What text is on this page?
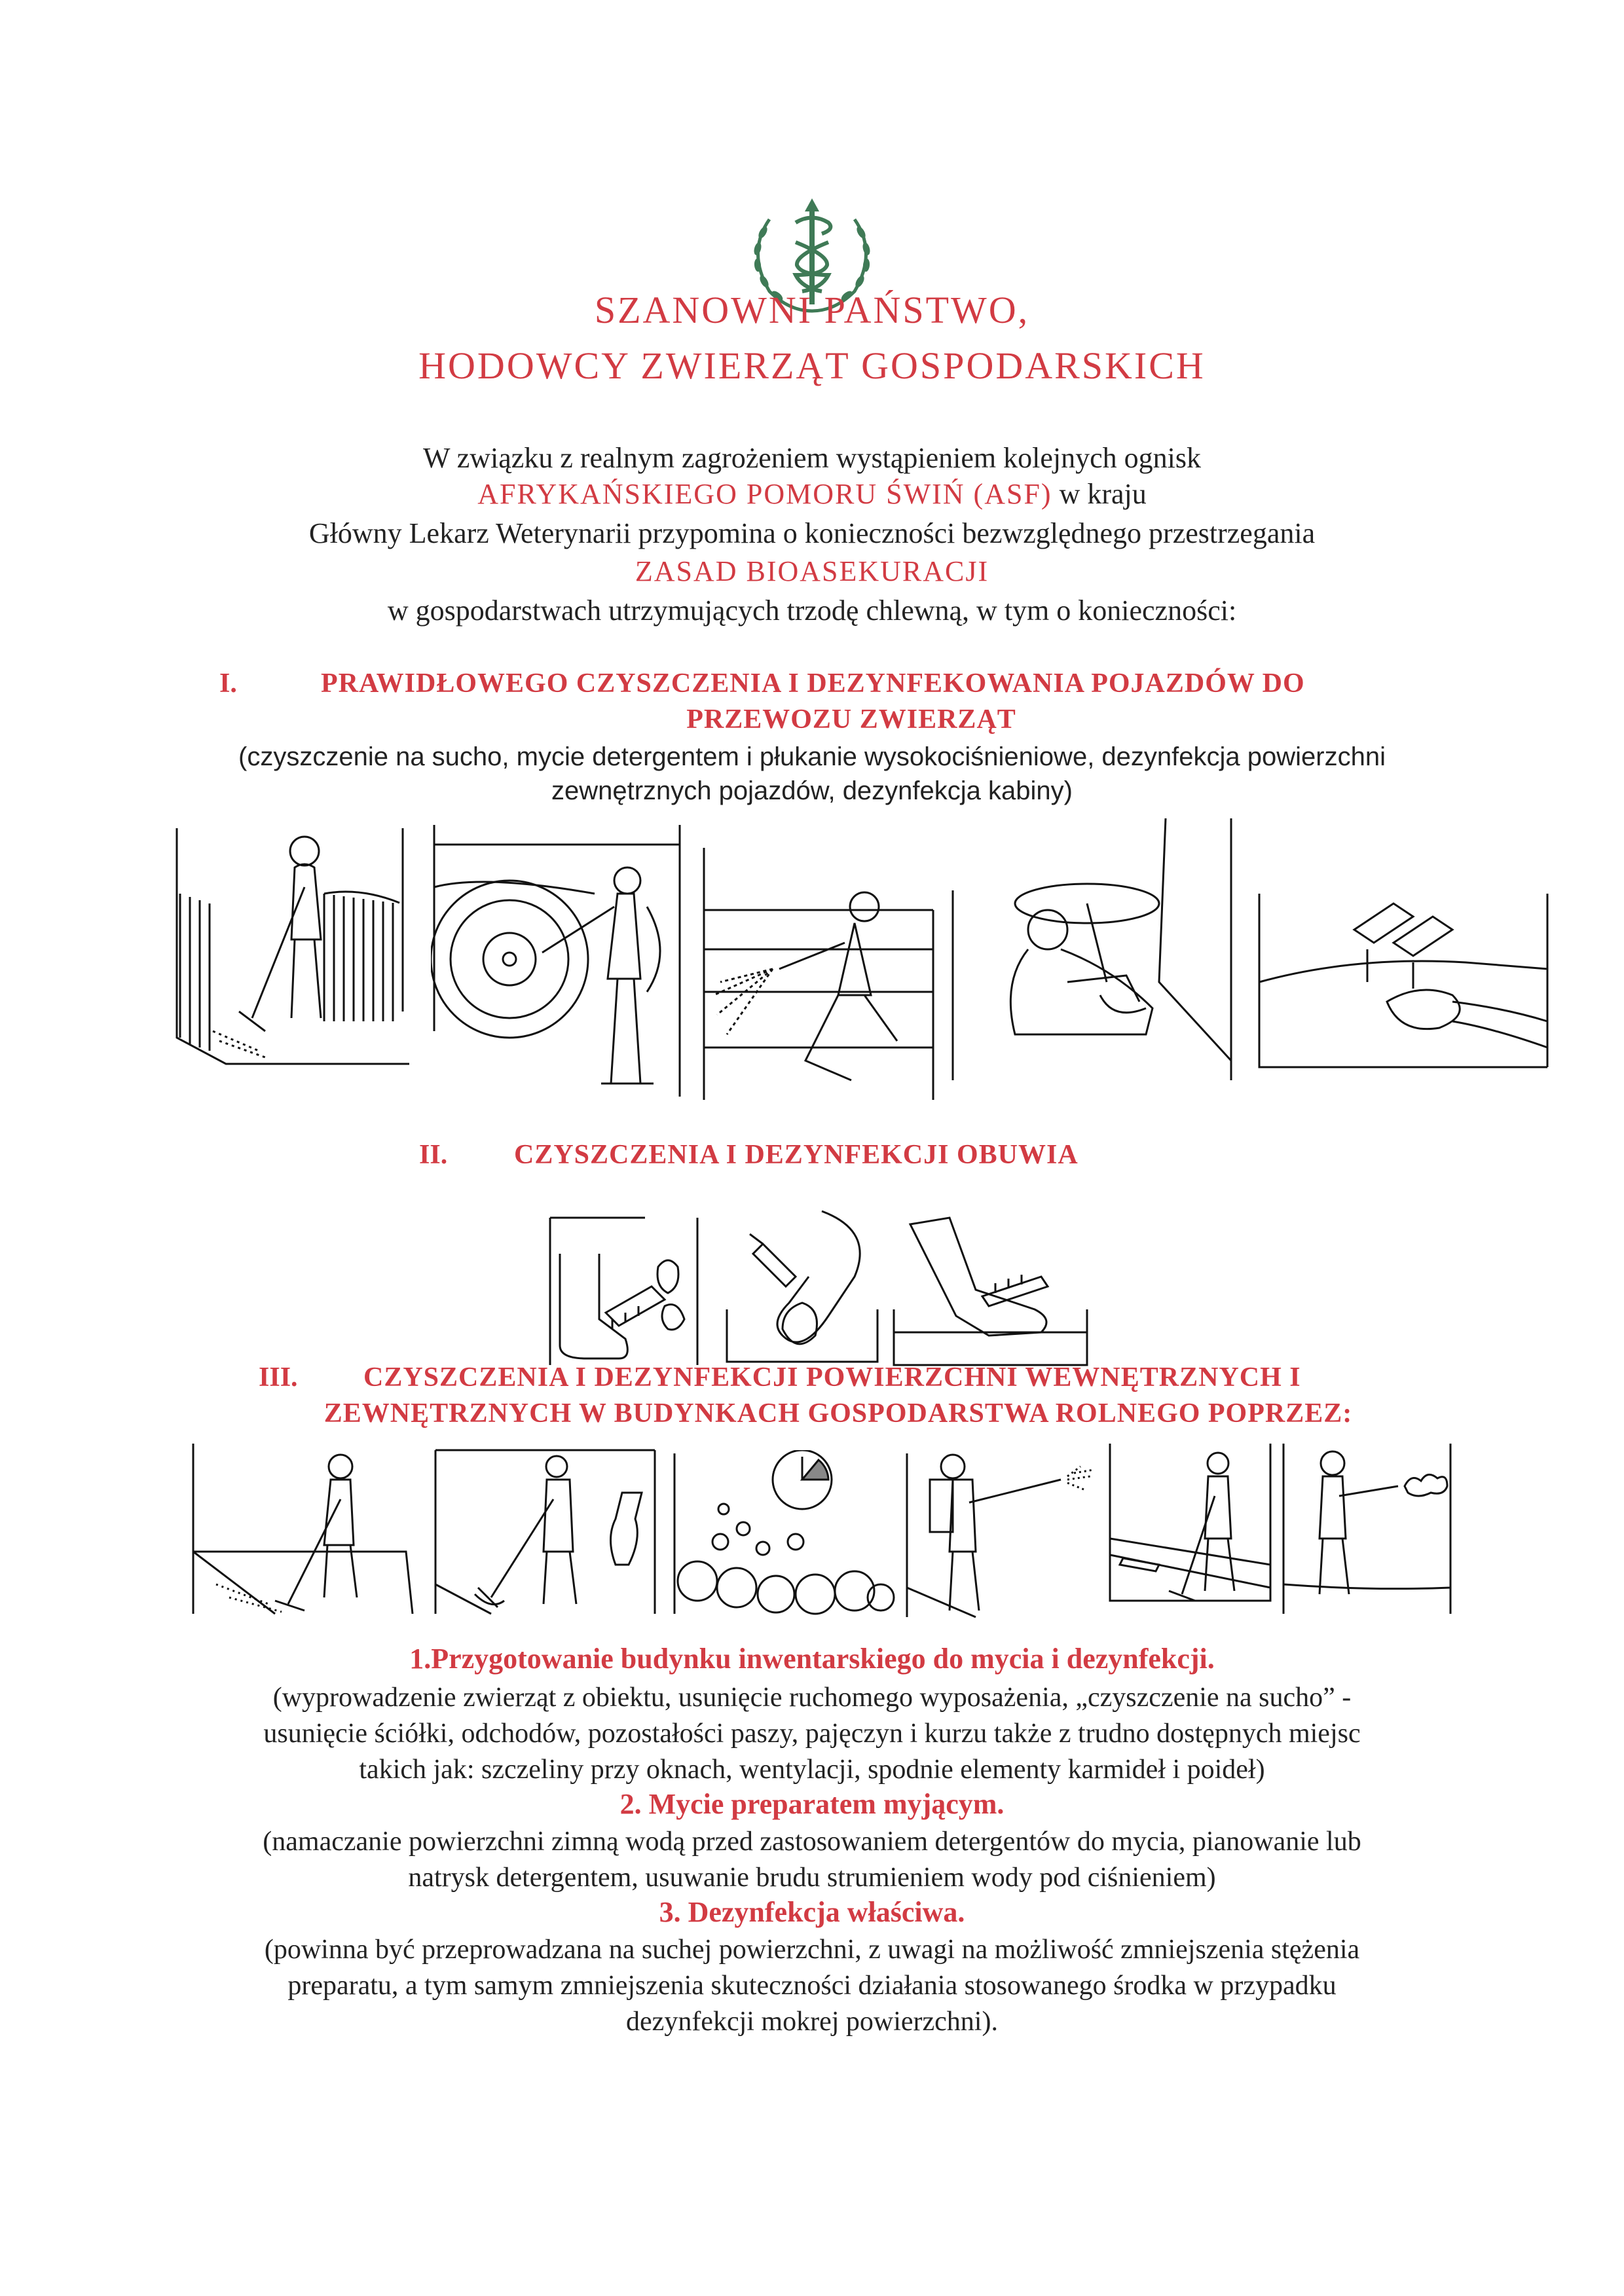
SZANOWNI PAŃSTWO,
HODOWCY ZWIERZĄT GOSPODARSKICH
W związku z realnym zagrożeniem wystąpieniem kolejnych ognisk
AFRYKAŃSKIEGO POMORU ŚWIŃ (ASF) w kraju
Główny Lekarz Weterynarii przypomina o konieczności bezwzględnego przestrzegania
ZASAD BIOASEKURACJI
w gospodarstwach utrzymujących trzodę chlewną, w tym o konieczności:
I.	PRAWIDŁOWEGO CZYSZCZENIA I DEZYNFEKOWANIA POJAZDÓW DO
PRZEWOZU ZWIERZĄT
(czyszczenie na sucho, mycie detergentem i płukanie wysokociśnieniowe, dezynfekcja powierzchni
zewnętrznych pojazdów, dezynfekcja kabiny)
II. CZYSZCZENIA I DEZYNFEKCJI OBUWIA
III. CZYSZCZENIA I DEZYNFEKCJI POWIERZCHNI WEWNĘTRZNYCH I
ZEWNĘTRZNYCH W BUDYNKACH GOSPODARSTWA ROLNEGO POPRZEZ:
1.Przygotowanie budynku inwentarskiego do mycia i dezynfekcji.
(wyprowadzenie zwierząt z obiektu, usunięcie ruchomego wyposażenia, „czyszczenie na sucho” -
usunięcie ściółki, odchodów, pozostałości paszy, pajęczyn i kurzu także z trudno dostępnych miejsc
takich jak: szczeliny przy oknach, wentylacji, spodnie elementy karmideł i poideł)
2. Mycie preparatem myjącym.
(namaczanie powierzchni zimną wodą przed zastosowaniem detergentów do mycia, pianowanie lub
natrysk detergentem, usuwanie brudu strumieniem wody pod ciśnieniem)
3. Dezynfekcja właściwa.
(powinna być przeprowadzana na suchej powierzchni, z uwagi na możliwość zmniejszenia stężenia
preparatu, a tym samym zmniejszenia skuteczności działania stosowanego środka w przypadku
dezynfekcji mokrej powierzchni).
